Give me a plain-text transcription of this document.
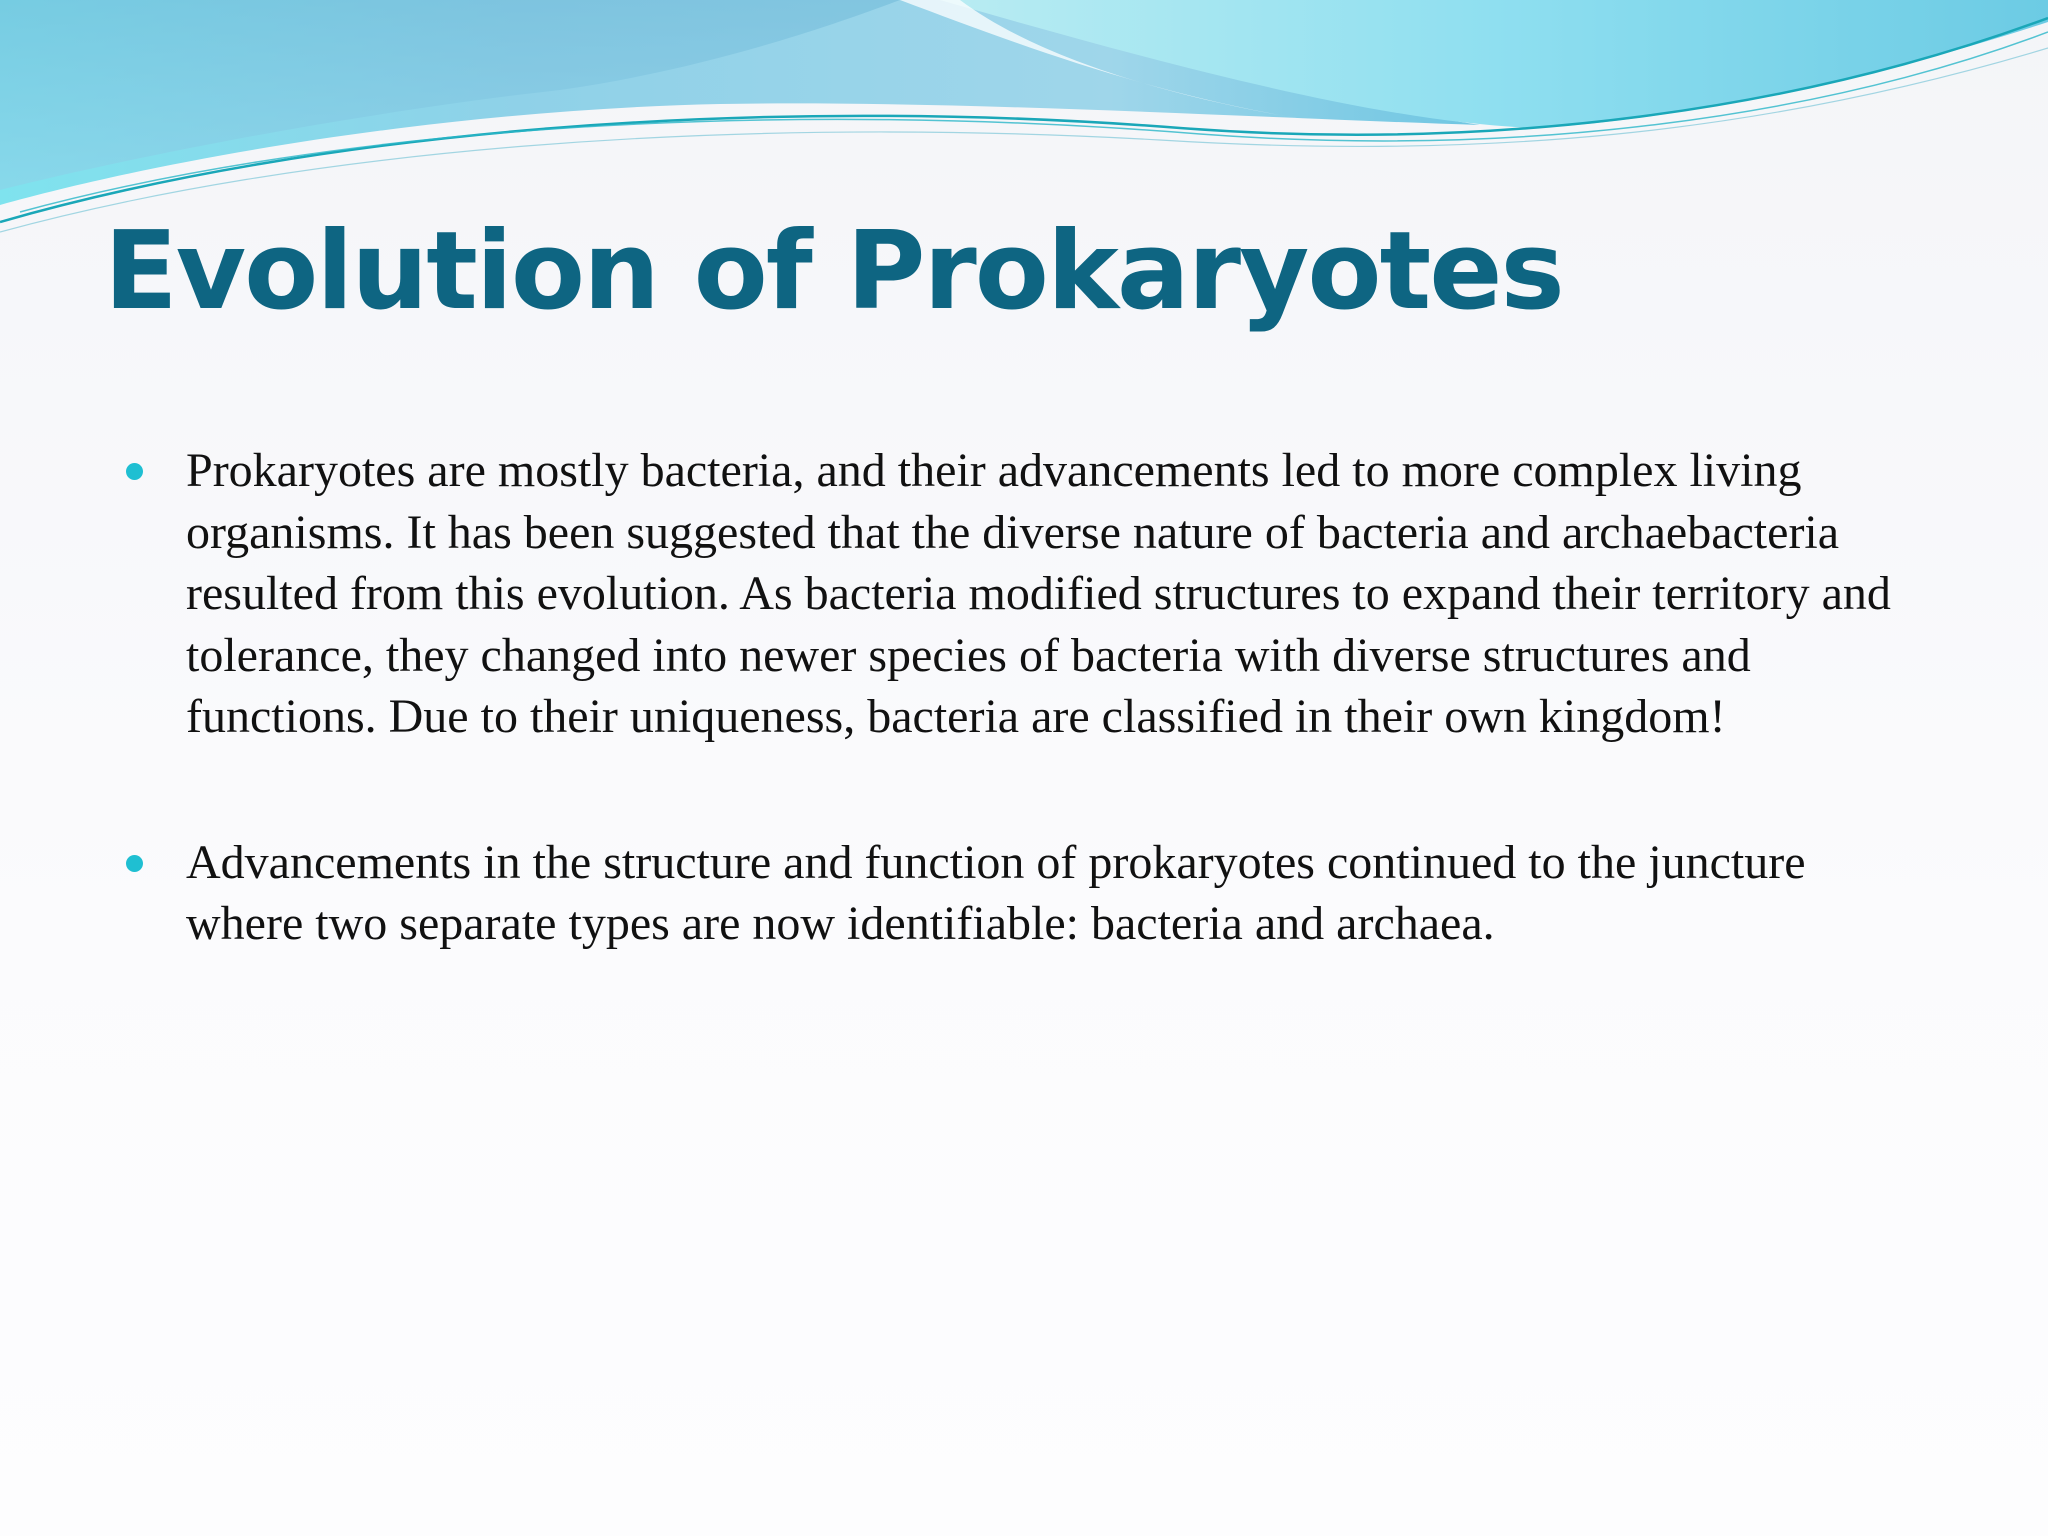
Evolution of Prokaryotes
Prokaryotes are mostly bacteria, and their advancements led to more complex living organisms. It has been suggested that the diverse nature of bacteria and archaebacteria resulted from this evolution. As bacteria modified structures to expand their territory and tolerance, they changed into newer species of bacteria with diverse structures and functions. Due to their uniqueness, bacteria are classified in their own kingdom!
Advancements in the structure and function of prokaryotes continued to the juncture where two separate types are now identifiable: bacteria and archaea.
